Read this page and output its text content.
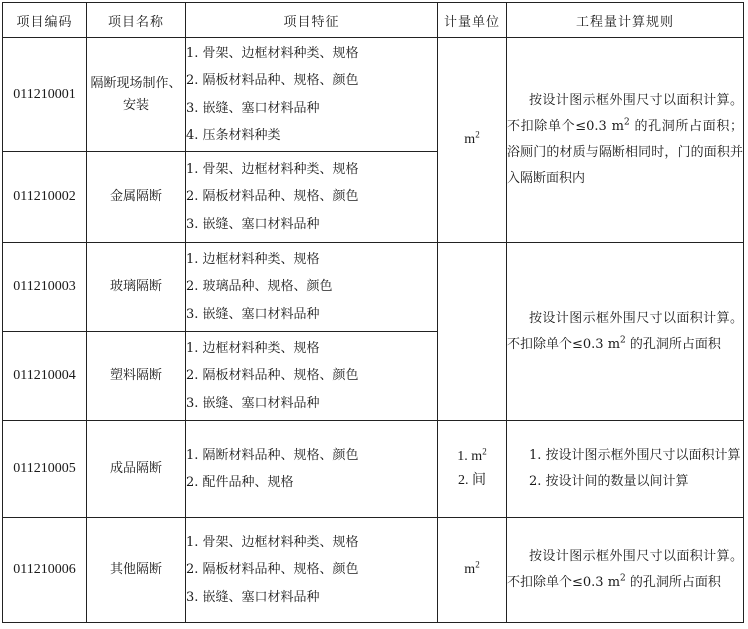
项目编码	项目名称	项目特征	计量单位	工程量计算规则
011210001	隔断现场制作、安装	1. 骨架、边框材料种类、规格
2. 隔板材料品种、规格、颜色
3. 嵌缝、塞口材料品种
4. 压条材料种类	$m^2$	按设计图示框外围尺寸以面积计算。不扣除单个≤0.3 $m^2$ 的孔洞所占面积；浴厕门的材质与隔断相同时，门的面积并入隔断面积内

011210002	金属隔断	1. 骨架、边框材料种类、规格
2. 隔板材料品种、规格、颜色
3. 嵌缝、塞口材料品种		

011210003	玻璃隔断	1. 边框材料种类、规格
2. 玻璃品种、规格、颜色
3. 嵌缝、塞口材料品种		按设计图示框外围尺寸以面积计算。不扣除单个≤0.3 $m^2$ 的孔洞所占面积

011210004	塑料隔断	1. 边框材料种类、规格
2. 隔板材料品种、规格、颜色
3. 嵌缝、塞口材料品种		

011210005	成品隔断	1. 隔断材料品种、规格、颜色
2. 配件品种、规格	1. $m^2$
2. 间	1. 按设计图示框外围尺寸以面积计算
2. 按设计间的数量以间计算

011210006	其他隔断	1. 骨架、边框材料种类、规格
2. 隔板材料品种、规格、颜色
3. 嵌缝、塞口材料品种	$m^2$	按设计图示框外围尺寸以面积计算。不扣除单个≤0.3 $m^2$ 的孔洞所占面积
